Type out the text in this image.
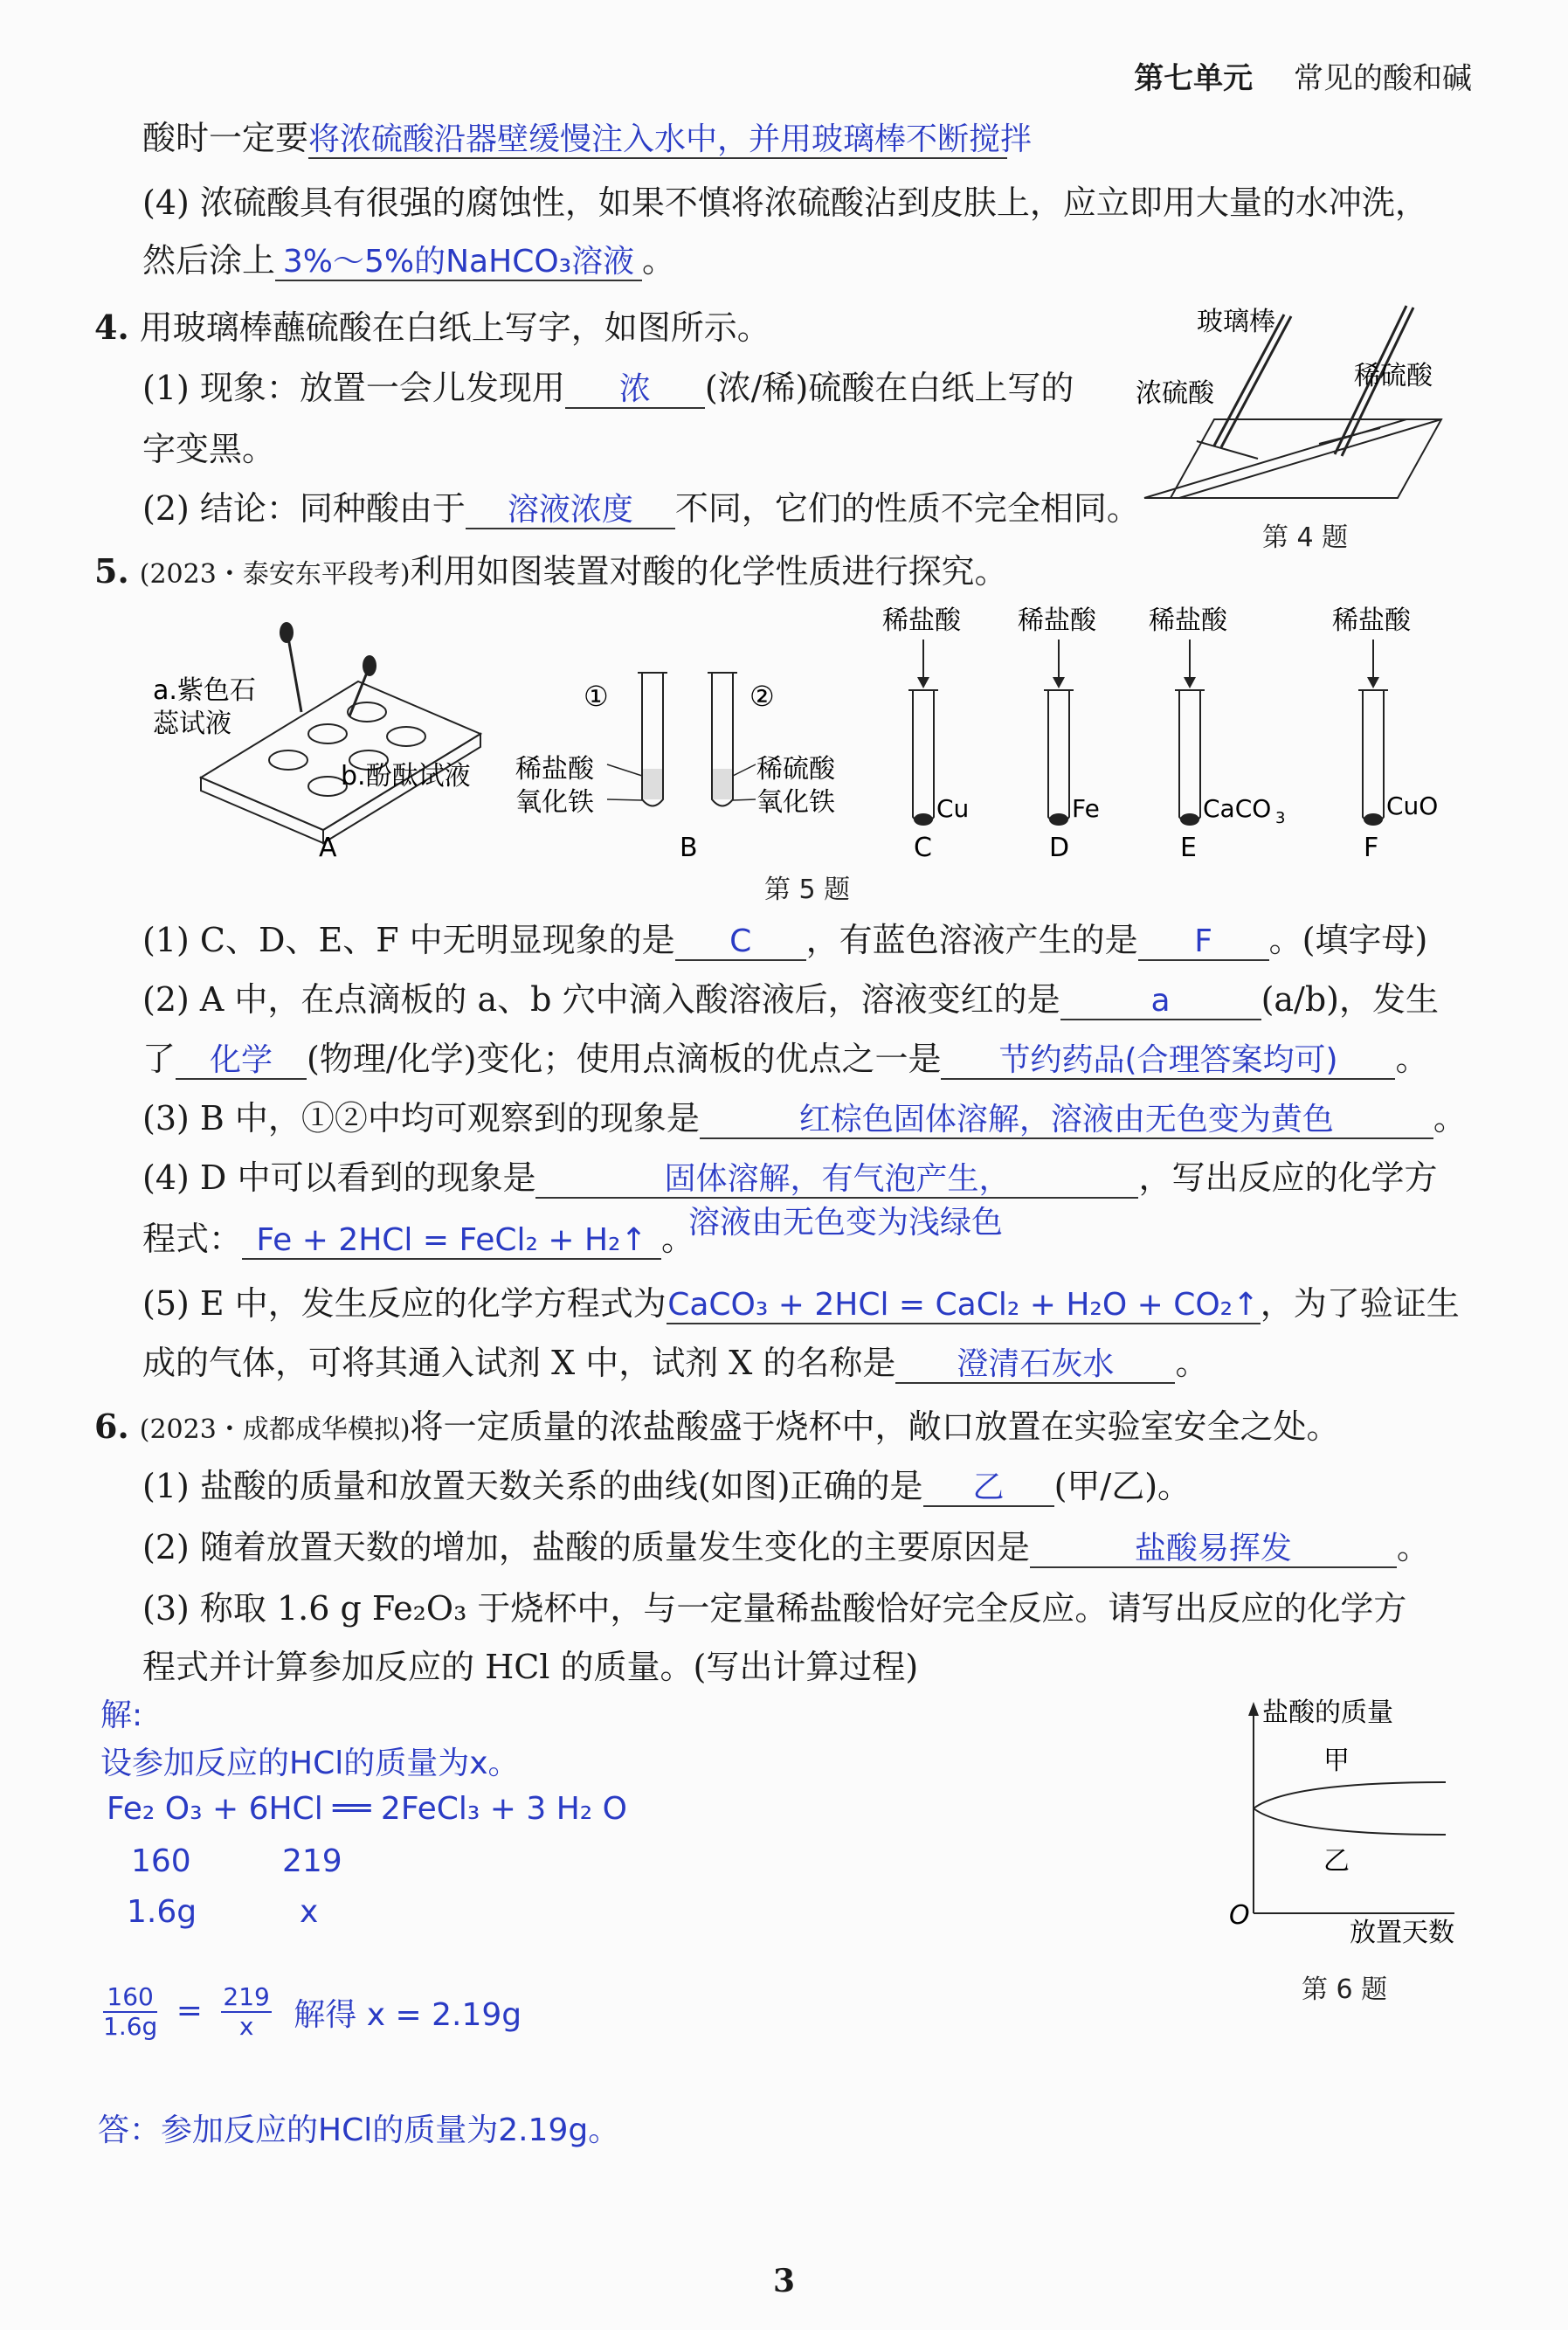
第七单元 常见的酸和碱
酸时一定要将浓硫酸沿器壁缓慢注入水中，并用玻璃棒不断搅拌
(4) 浓硫酸具有很强的腐蚀性，如果不慎将浓硫酸沾到皮肤上，应立即用大量的水冲洗，
然后涂上 3%～5%的NaHCO₃溶液 。
4. 用玻璃棒蘸硫酸在白纸上写字，如图所示。
(1) 现象：放置一会儿发现用 浓 (浓/稀)硫酸在白纸上写的
字变黑。
(2) 结论：同种酸由于 溶液浓度 不同，它们的性质不完全相同。
玻璃棒
浓硫酸
稀硫酸
第 4 题
5. (2023・泰安东平段考)利用如图装置对酸的化学性质进行探究。
a.紫色石
蕊试液
b.酚酞试液
A
①	②
稀盐酸
氧化铁
稀硫酸
氧化铁
B
稀盐酸
Cu
C
稀盐酸
Fe
D
稀盐酸
CaCO 3
E
稀盐酸
CuO
F
第 5 题
(1) C、D、E、F 中无明显现象的是 C ，有蓝色溶液产生的是 F 。(填字母)
(2) A 中，在点滴板的 a、b 穴中滴入酸溶液后，溶液变红的是	a	(a/b)，发生
了 化学 (物理/化学)变化；使用点滴板的优点之一是 节约药品(合理答案均可) 。
(3) B 中，①②中均可观察到的现象是	红棕色固体溶解，溶液由无色变为黄色	。
(4) D 中可以看到的现象是	固体溶解，有气泡产生，	，写出反应的化学方
程式： Fe + 2HCl = FeCl₂ + H₂↑ 。
溶液由无色变为浅绿色
(5) E 中，发生反应的化学方程式为CaCO₃ + 2HCl = CaCl₂ + H₂O + CO₂↑，为了验证生
成的气体，可将其通入试剂 X 中，试剂 X 的名称是 澄清石灰水 。
6. (2023・成都成华模拟)将一定质量的浓盐酸盛于烧杯中，敞口放置在实验室安全之处。
(1) 盐酸的质量和放置天数关系的曲线(如图)正确的是 乙 (甲/乙)。
(2) 随着放置天数的增加，盐酸的质量发生变化的主要原因是	盐酸易挥发	。
(3) 称取 1.6 g Fe₂O₃ 于烧杯中，与一定量稀盐酸恰好完全反应。请写出反应的化学方
程式并计算参加反应的 HCl 的质量。(写出计算过程)
解:
设参加反应的HCl的质量为x。
Fe₂ O₃ + 6HCl ══ 2FeCl₃ + 3 H₂ O
160	219
1.6g	x
$\frac{160}{1.6g} = \frac{219}{x}$ 解得 x = 2.19g
答：参加反应的HCl的质量为2.19g。
盐酸的质量
甲
乙
O
放置天数
第 6 题
3
